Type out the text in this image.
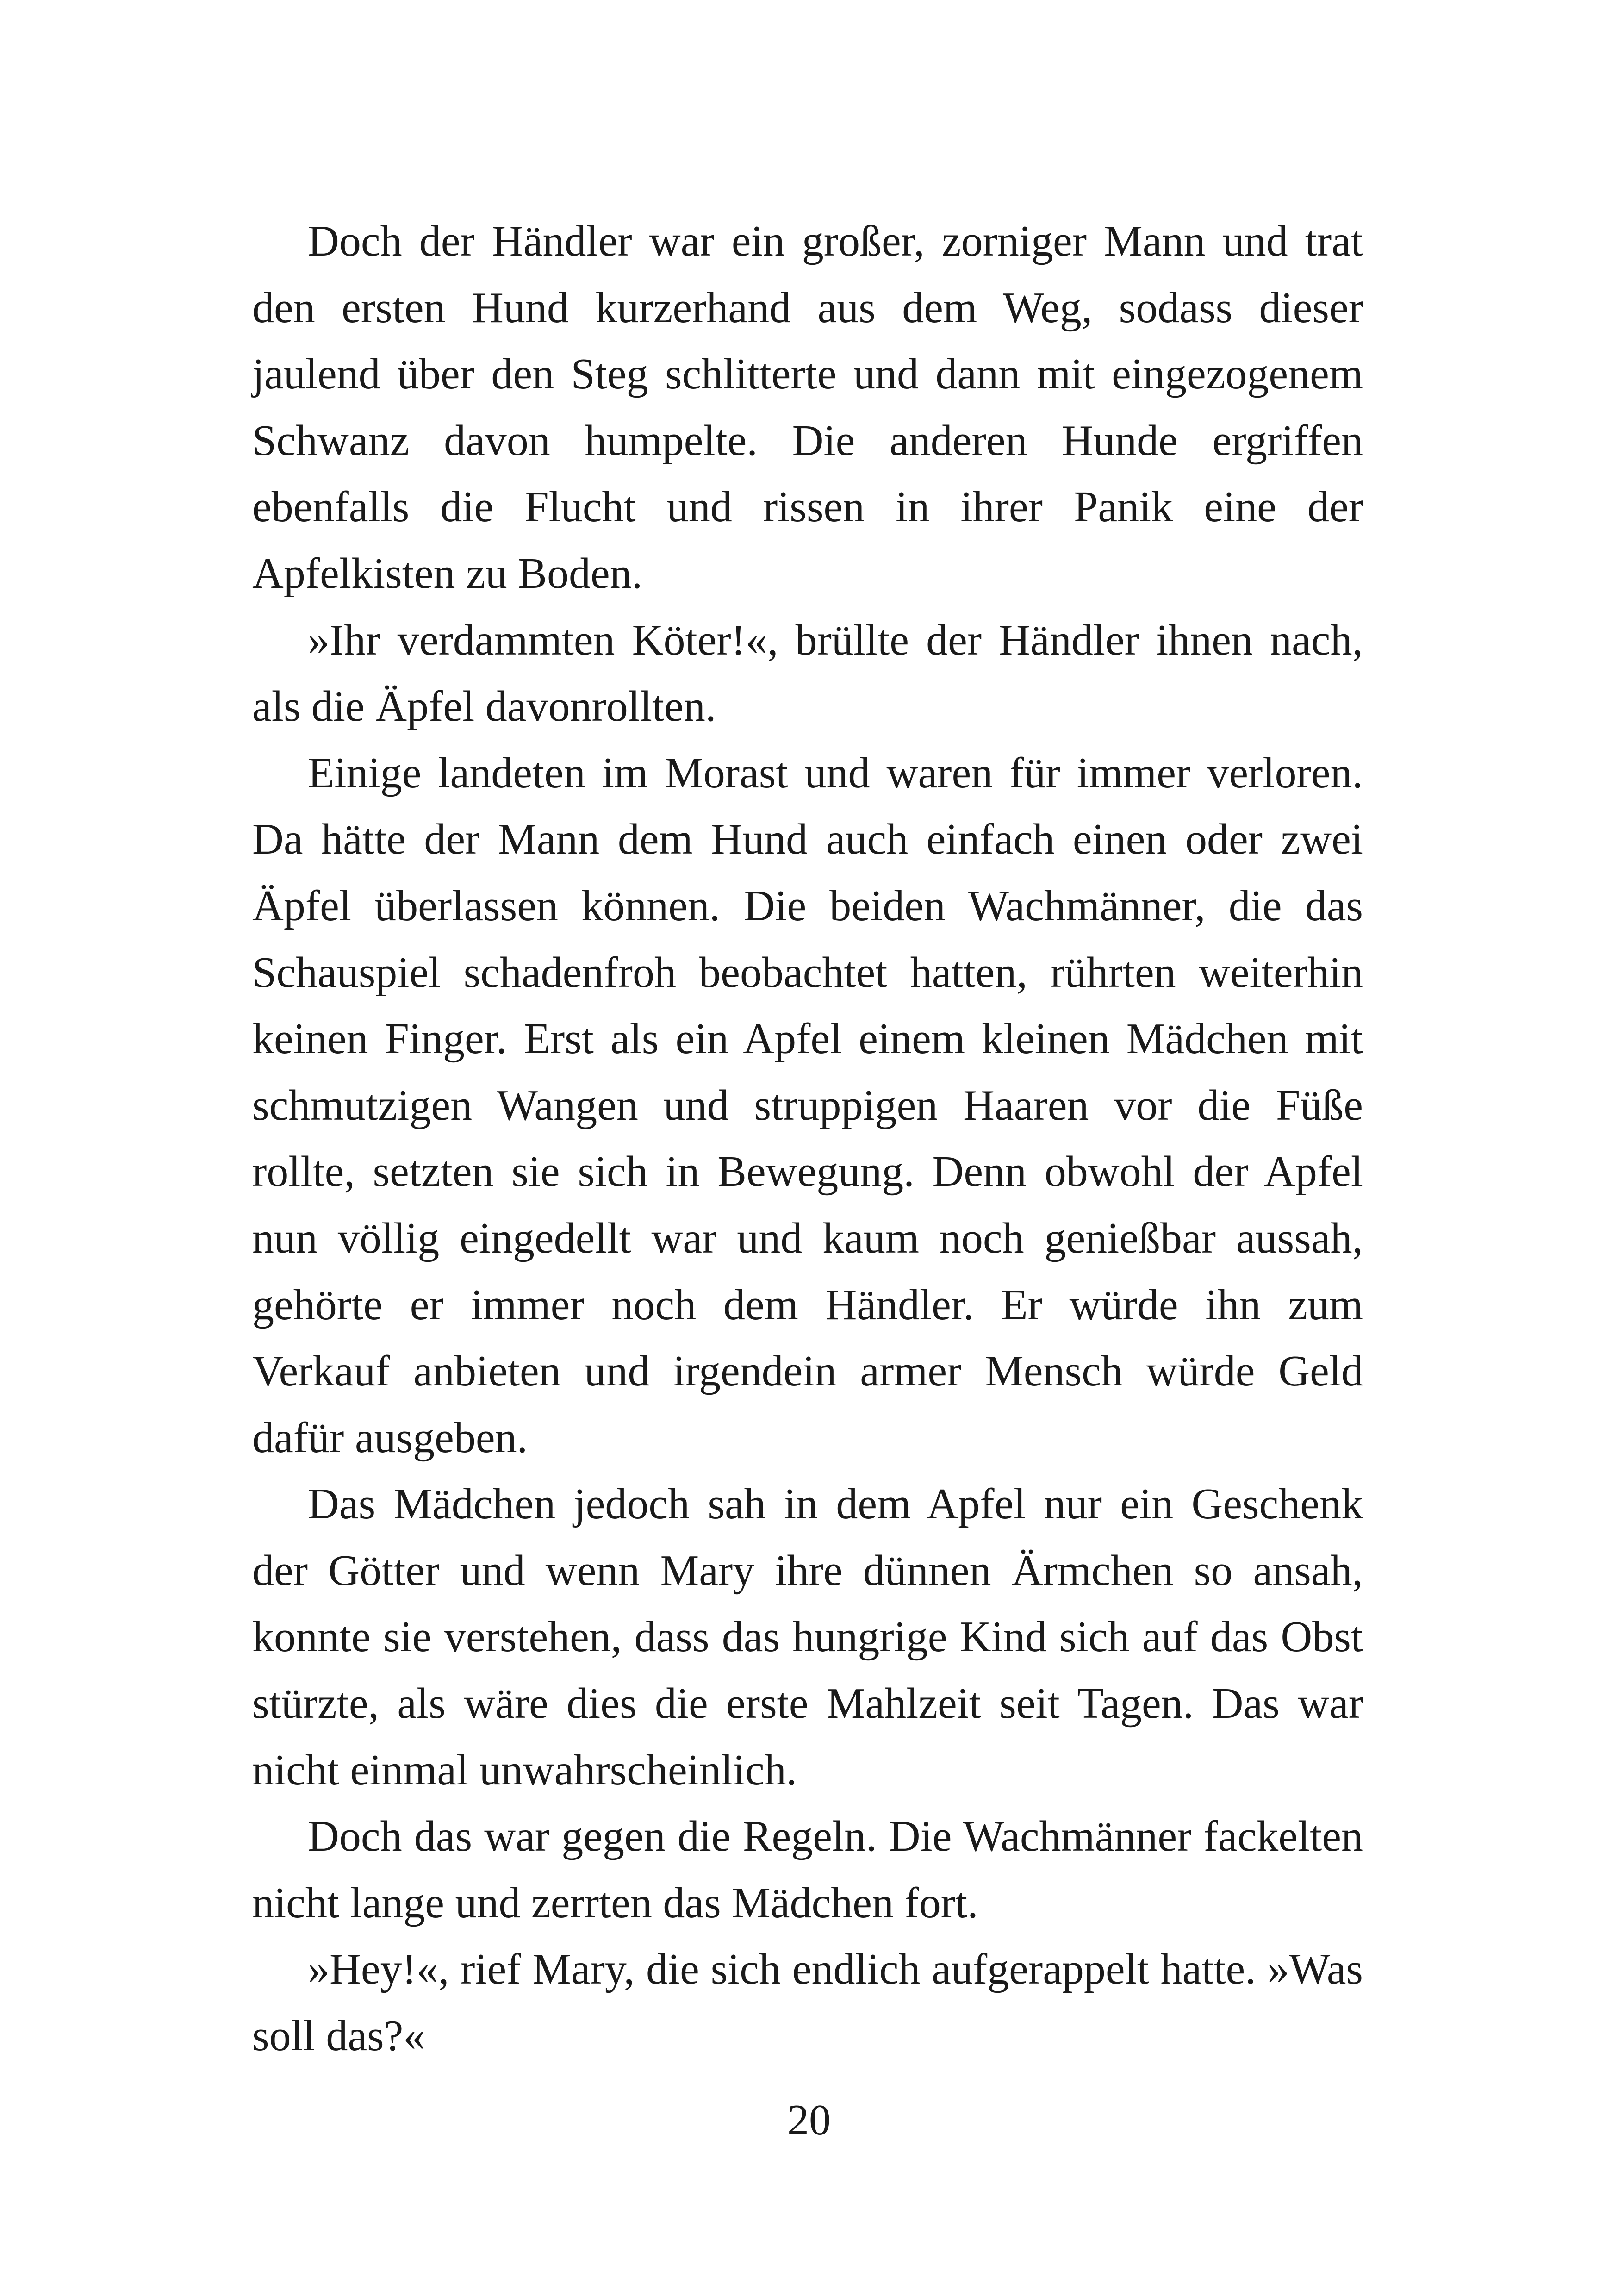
Doch der Händler war ein großer, zorniger Mann und trat den ersten Hund kurzerhand aus dem Weg, sodass dieser jaulend über den Steg schlitterte und dann mit eingezogenem Schwanz davon humpelte. Die anderen Hunde ergriffen ebenfalls die Flucht und rissen in ihrer Panik eine der Apfelkisten zu Boden.

»Ihr verdammten Köter!«, brüllte der Händler ihnen nach, als die Äpfel davonrollten.

Einige landeten im Morast und waren für immer verloren. Da hätte der Mann dem Hund auch einfach einen oder zwei Äpfel überlassen können. Die beiden Wachmänner, die das Schauspiel schadenfroh beobachtet hatten, rührten weiterhin keinen Finger. Erst als ein Apfel einem kleinen Mädchen mit schmutzigen Wangen und struppigen Haaren vor die Füße rollte, setzten sie sich in Bewegung. Denn obwohl der Apfel nun völlig eingedellt war und kaum noch genießbar aussah, gehörte er immer noch dem Händler. Er würde ihn zum Verkauf anbieten und irgendein armer Mensch würde Geld dafür ausgeben.

Das Mädchen jedoch sah in dem Apfel nur ein Geschenk der Götter und wenn Mary ihre dünnen Ärmchen so ansah, konnte sie verstehen, dass das hungrige Kind sich auf das Obst stürzte, als wäre dies die erste Mahlzeit seit Tagen. Das war nicht einmal unwahrscheinlich.

Doch das war gegen die Regeln. Die Wachmänner fackelten nicht lange und zerrten das Mädchen fort.

»Hey!«, rief Mary, die sich endlich aufgerappelt hatte. »Was soll das?«

20
